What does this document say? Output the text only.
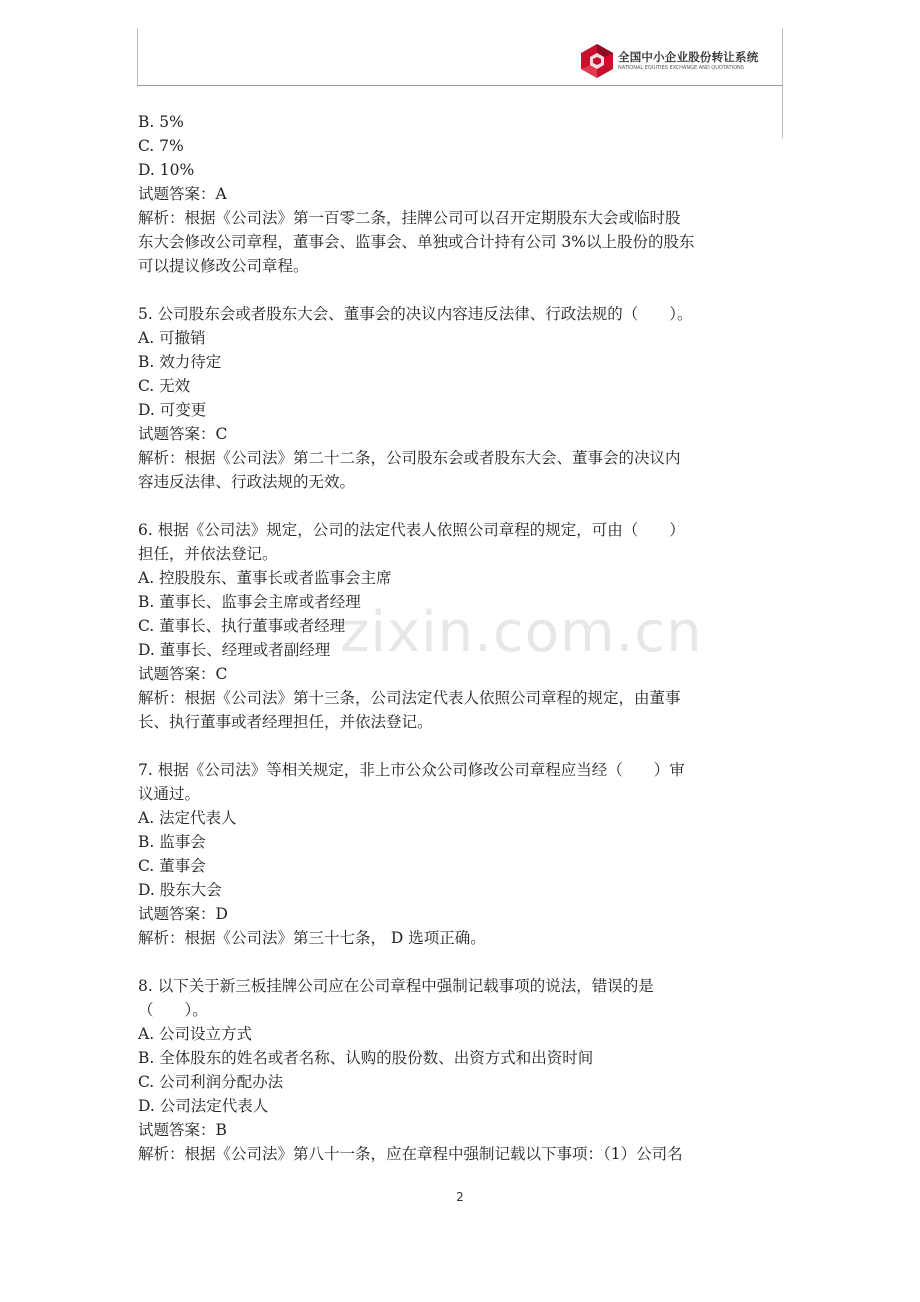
全国中小企业股份转让系统
NATIONAL EQUITIES EXCHANGE AND QUOTATIONS
zixin.com.cn
B. 5%
C. 7%
D. 10%
试题答案：A
解析：根据《公司法》第一百零二条，挂牌公司可以召开定期股东大会或临时股
东大会修改公司章程，董事会、监事会、单独或合计持有公司 3%以上股份的股东
可以提议修改公司章程。
5. 公司股东会或者股东大会、董事会的决议内容违反法律、行政法规的（　　）。
A. 可撤销
B. 效力待定
C. 无效
D. 可变更
试题答案：C
解析：根据《公司法》第二十二条，公司股东会或者股东大会、董事会的决议内
容违反法律、行政法规的无效。
6. 根据《公司法》规定，公司的法定代表人依照公司章程的规定，可由（　　）
担任，并依法登记。
A. 控股股东、董事长或者监事会主席
B. 董事长、监事会主席或者经理
C. 董事长、执行董事或者经理
D. 董事长、经理或者副经理
试题答案：C
解析：根据《公司法》第十三条，公司法定代表人依照公司章程的规定，由董事
长、执行董事或者经理担任，并依法登记。
7. 根据《公司法》等相关规定，非上市公众公司修改公司章程应当经（　　）审
议通过。
A. 法定代表人
B. 监事会
C. 董事会
D. 股东大会
试题答案：D
解析：根据《公司法》第三十七条， D 选项正确。
8. 以下关于新三板挂牌公司应在公司章程中强制记载事项的说法，错误的是
（　　）。
A. 公司设立方式
B. 全体股东的姓名或者名称、认购的股份数、出资方式和出资时间
C. 公司利润分配办法
D. 公司法定代表人
试题答案：B
解析：根据《公司法》第八十一条，应在章程中强制记载以下事项：（1）公司名
2
